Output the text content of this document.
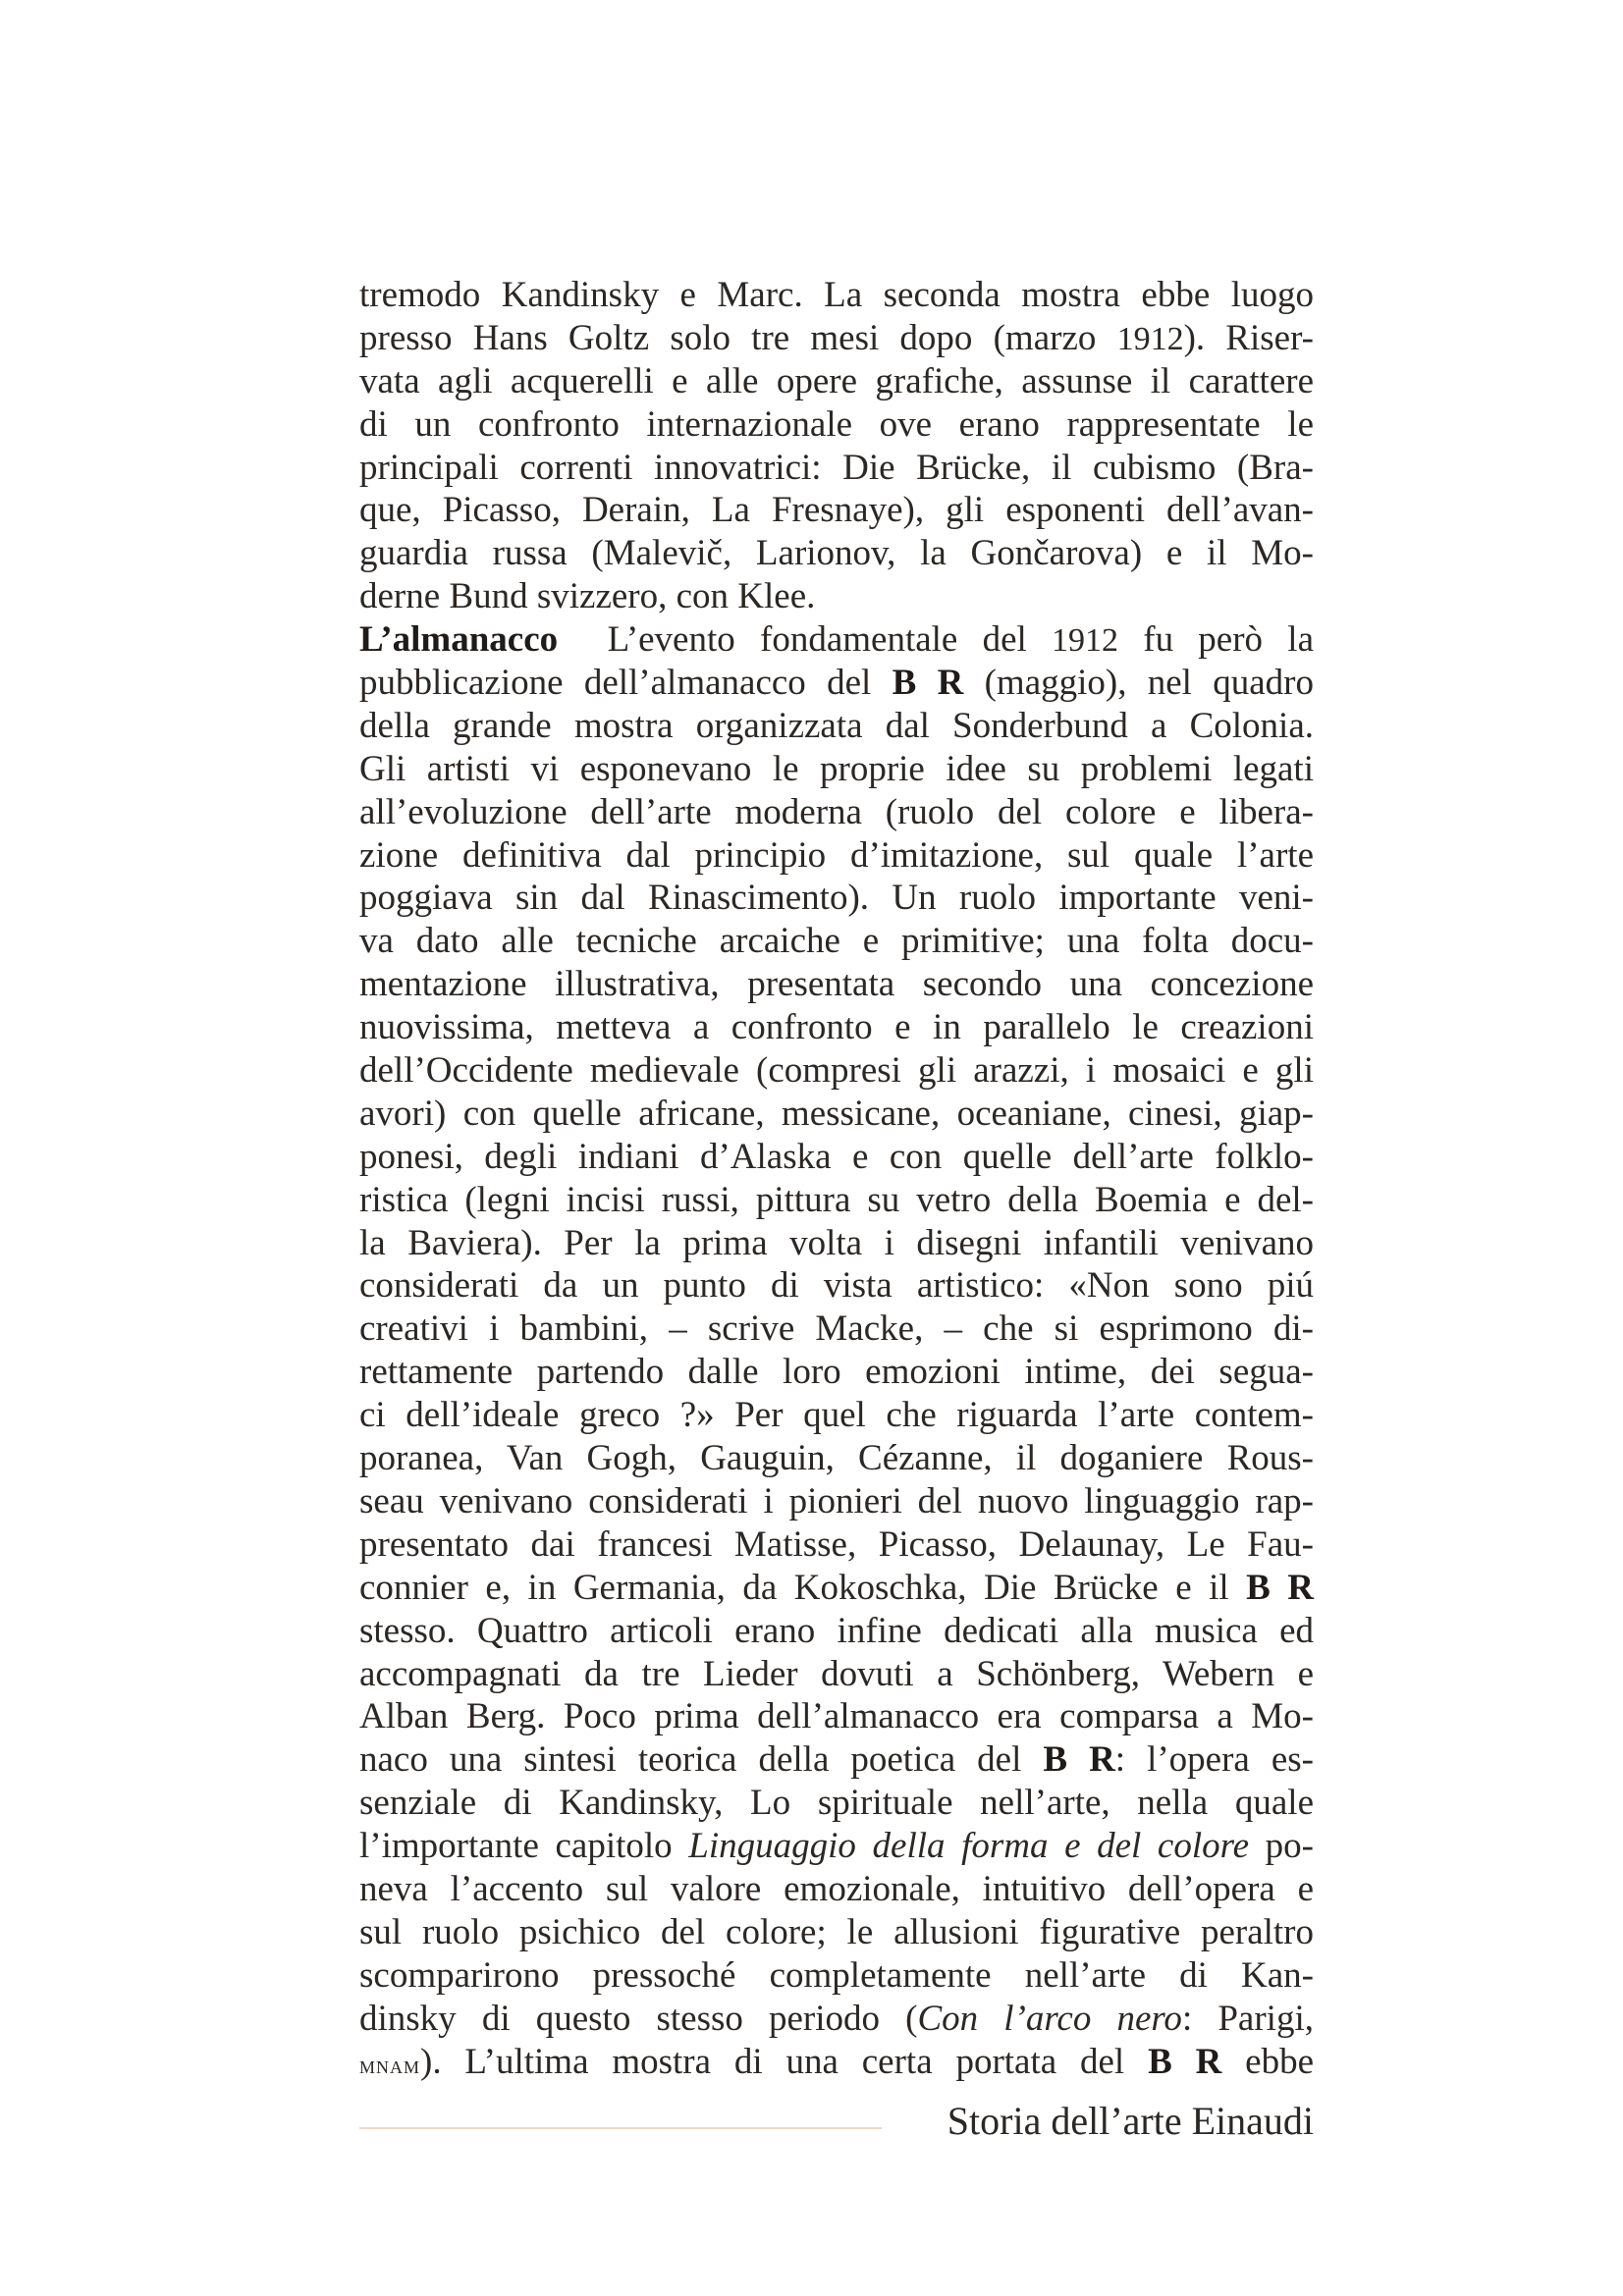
tremodo Kandinsky e Marc. La seconda mostra ebbe luogo
presso Hans Goltz solo tre mesi dopo (marzo 1912). Riser-
vata agli acquerelli e alle opere grafiche, assunse il carattere
di un confronto internazionale ove erano rappresentate le
principali correnti innovatrici: Die Brücke, il cubismo (Bra-
que, Picasso, Derain, La Fresnaye), gli esponenti dell’avan-
guardia russa (Malevič, Larionov, la Gončarova) e il Mo-
derne Bund svizzero, con Klee.
L’almanacco  L’evento fondamentale del 1912 fu però la
pubblicazione dell’almanacco del B R (maggio), nel quadro
della grande mostra organizzata dal Sonderbund a Colonia.
Gli artisti vi esponevano le proprie idee su problemi legati
all’evoluzione dell’arte moderna (ruolo del colore e libera-
zione definitiva dal principio d’imitazione, sul quale l’arte
poggiava sin dal Rinascimento). Un ruolo importante veni-
va dato alle tecniche arcaiche e primitive; una folta docu-
mentazione illustrativa, presentata secondo una concezione
nuovissima, metteva a confronto e in parallelo le creazioni
dell’Occidente medievale (compresi gli arazzi, i mosaici e gli
avori) con quelle africane, messicane, oceaniane, cinesi, giap-
ponesi, degli indiani d’Alaska e con quelle dell’arte folklo-
ristica (legni incisi russi, pittura su vetro della Boemia e del-
la Baviera). Per la prima volta i disegni infantili venivano
considerati da un punto di vista artistico: «Non sono piú
creativi i bambini, – scrive Macke, – che si esprimono di-
rettamente partendo dalle loro emozioni intime, dei segua-
ci dell’ideale greco ?» Per quel che riguarda l’arte contem-
poranea, Van Gogh, Gauguin, Cézanne, il doganiere Rous-
seau venivano considerati i pionieri del nuovo linguaggio rap-
presentato dai francesi Matisse, Picasso, Delaunay, Le Fau-
connier e, in Germania, da Kokoschka, Die Brücke e il B R
stesso. Quattro articoli erano infine dedicati alla musica ed
accompagnati da tre Lieder dovuti a Schönberg, Webern e
Alban Berg. Poco prima dell’almanacco era comparsa a Mo-
naco una sintesi teorica della poetica del B R: l’opera es-
senziale di Kandinsky, Lo spirituale nell’arte, nella quale
l’importante capitolo Linguaggio della forma e del colore po-
neva l’accento sul valore emozionale, intuitivo dell’opera e
sul ruolo psichico del colore; le allusioni figurative peraltro
scomparirono pressoché completamente nell’arte di Kan-
dinsky di questo stesso periodo (Con l’arco nero: Parigi,
mnam). L’ultima mostra di una certa portata del B R ebbe
Storia dell’arte Einaudi
